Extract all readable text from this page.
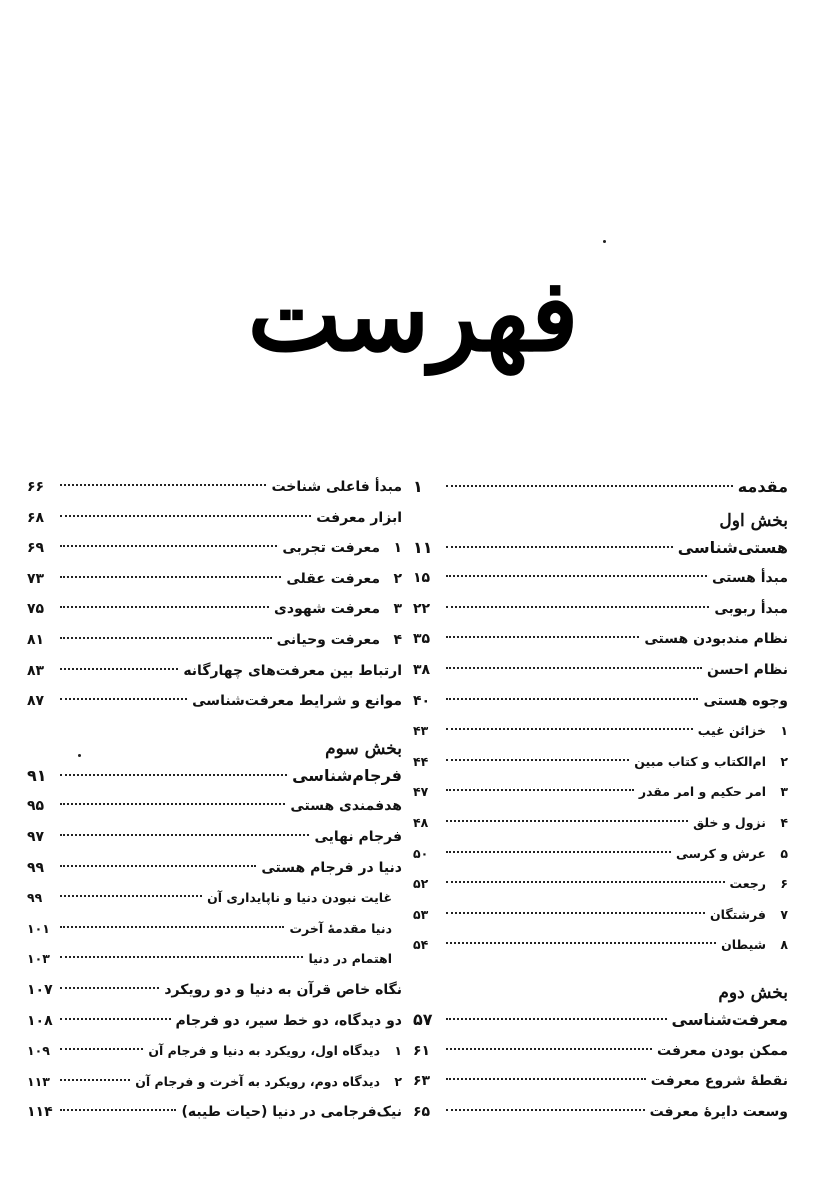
فهرست
مقدمه
۱
بخش اول
هستی‌شناسی
۱۱
مبدأ هستی
۱۵
مبدأ ربوبی
۲۲
نظام مندبودن هستی
۳۵
نظام احسن
۳۸
وجوه هستی
۴۰
۱
خزائن غیب
۴۳
۲
ام‌الکتاب و کتاب مبین
۴۴
۳
امر حکیم و امر مقدر
۴۷
۴
نزول و خلق
۴۸
۵
عرش و کرسی
۵۰
۶
رجعت
۵۲
۷
فرشتگان
۵۳
۸
شیطان
۵۴
بخش دوم
معرفت‌شناسی
۵۷
ممکن بودن معرفت
۶۱
نقطهٔ شروع معرفت
۶۳
وسعت دایرهٔ معرفت
۶۵
مبدأ فاعلی شناخت
۶۶
ابزار معرفت
۶۸
۱
معرفت تجربی
۶۹
۲
معرفت عقلی
۷۳
۳
معرفت شهودی
۷۵
۴
معرفت وحیانی
۸۱
ارتباط بین معرفت‌های چهارگانه
۸۳
موانع و شرایط معرفت‌شناسی
۸۷
بخش سوم
فرجام‌شناسی
۹۱
هدفمندی هستی
۹۵
فرجام نهایی
۹۷
دنیا در فرجام هستی
۹۹
غایت نبودن دنیا و ناپایداری آن
۹۹
دنیا مقدمهٔ آخرت
۱۰۱
اهتمام در دنیا
۱۰۳
نگاه خاص قرآن به دنیا و دو رویکرد
۱۰۷
دو دیدگاه، دو خط سیر، دو فرجام
۱۰۸
۱
دیدگاه اول، رویکرد به دنیا و فرجام آن
۱۰۹
۲
دیدگاه دوم، رویکرد به آخرت و فرجام آن
۱۱۳
نیک‌فرجامی در دنیا (حیات طیبه)
۱۱۴
